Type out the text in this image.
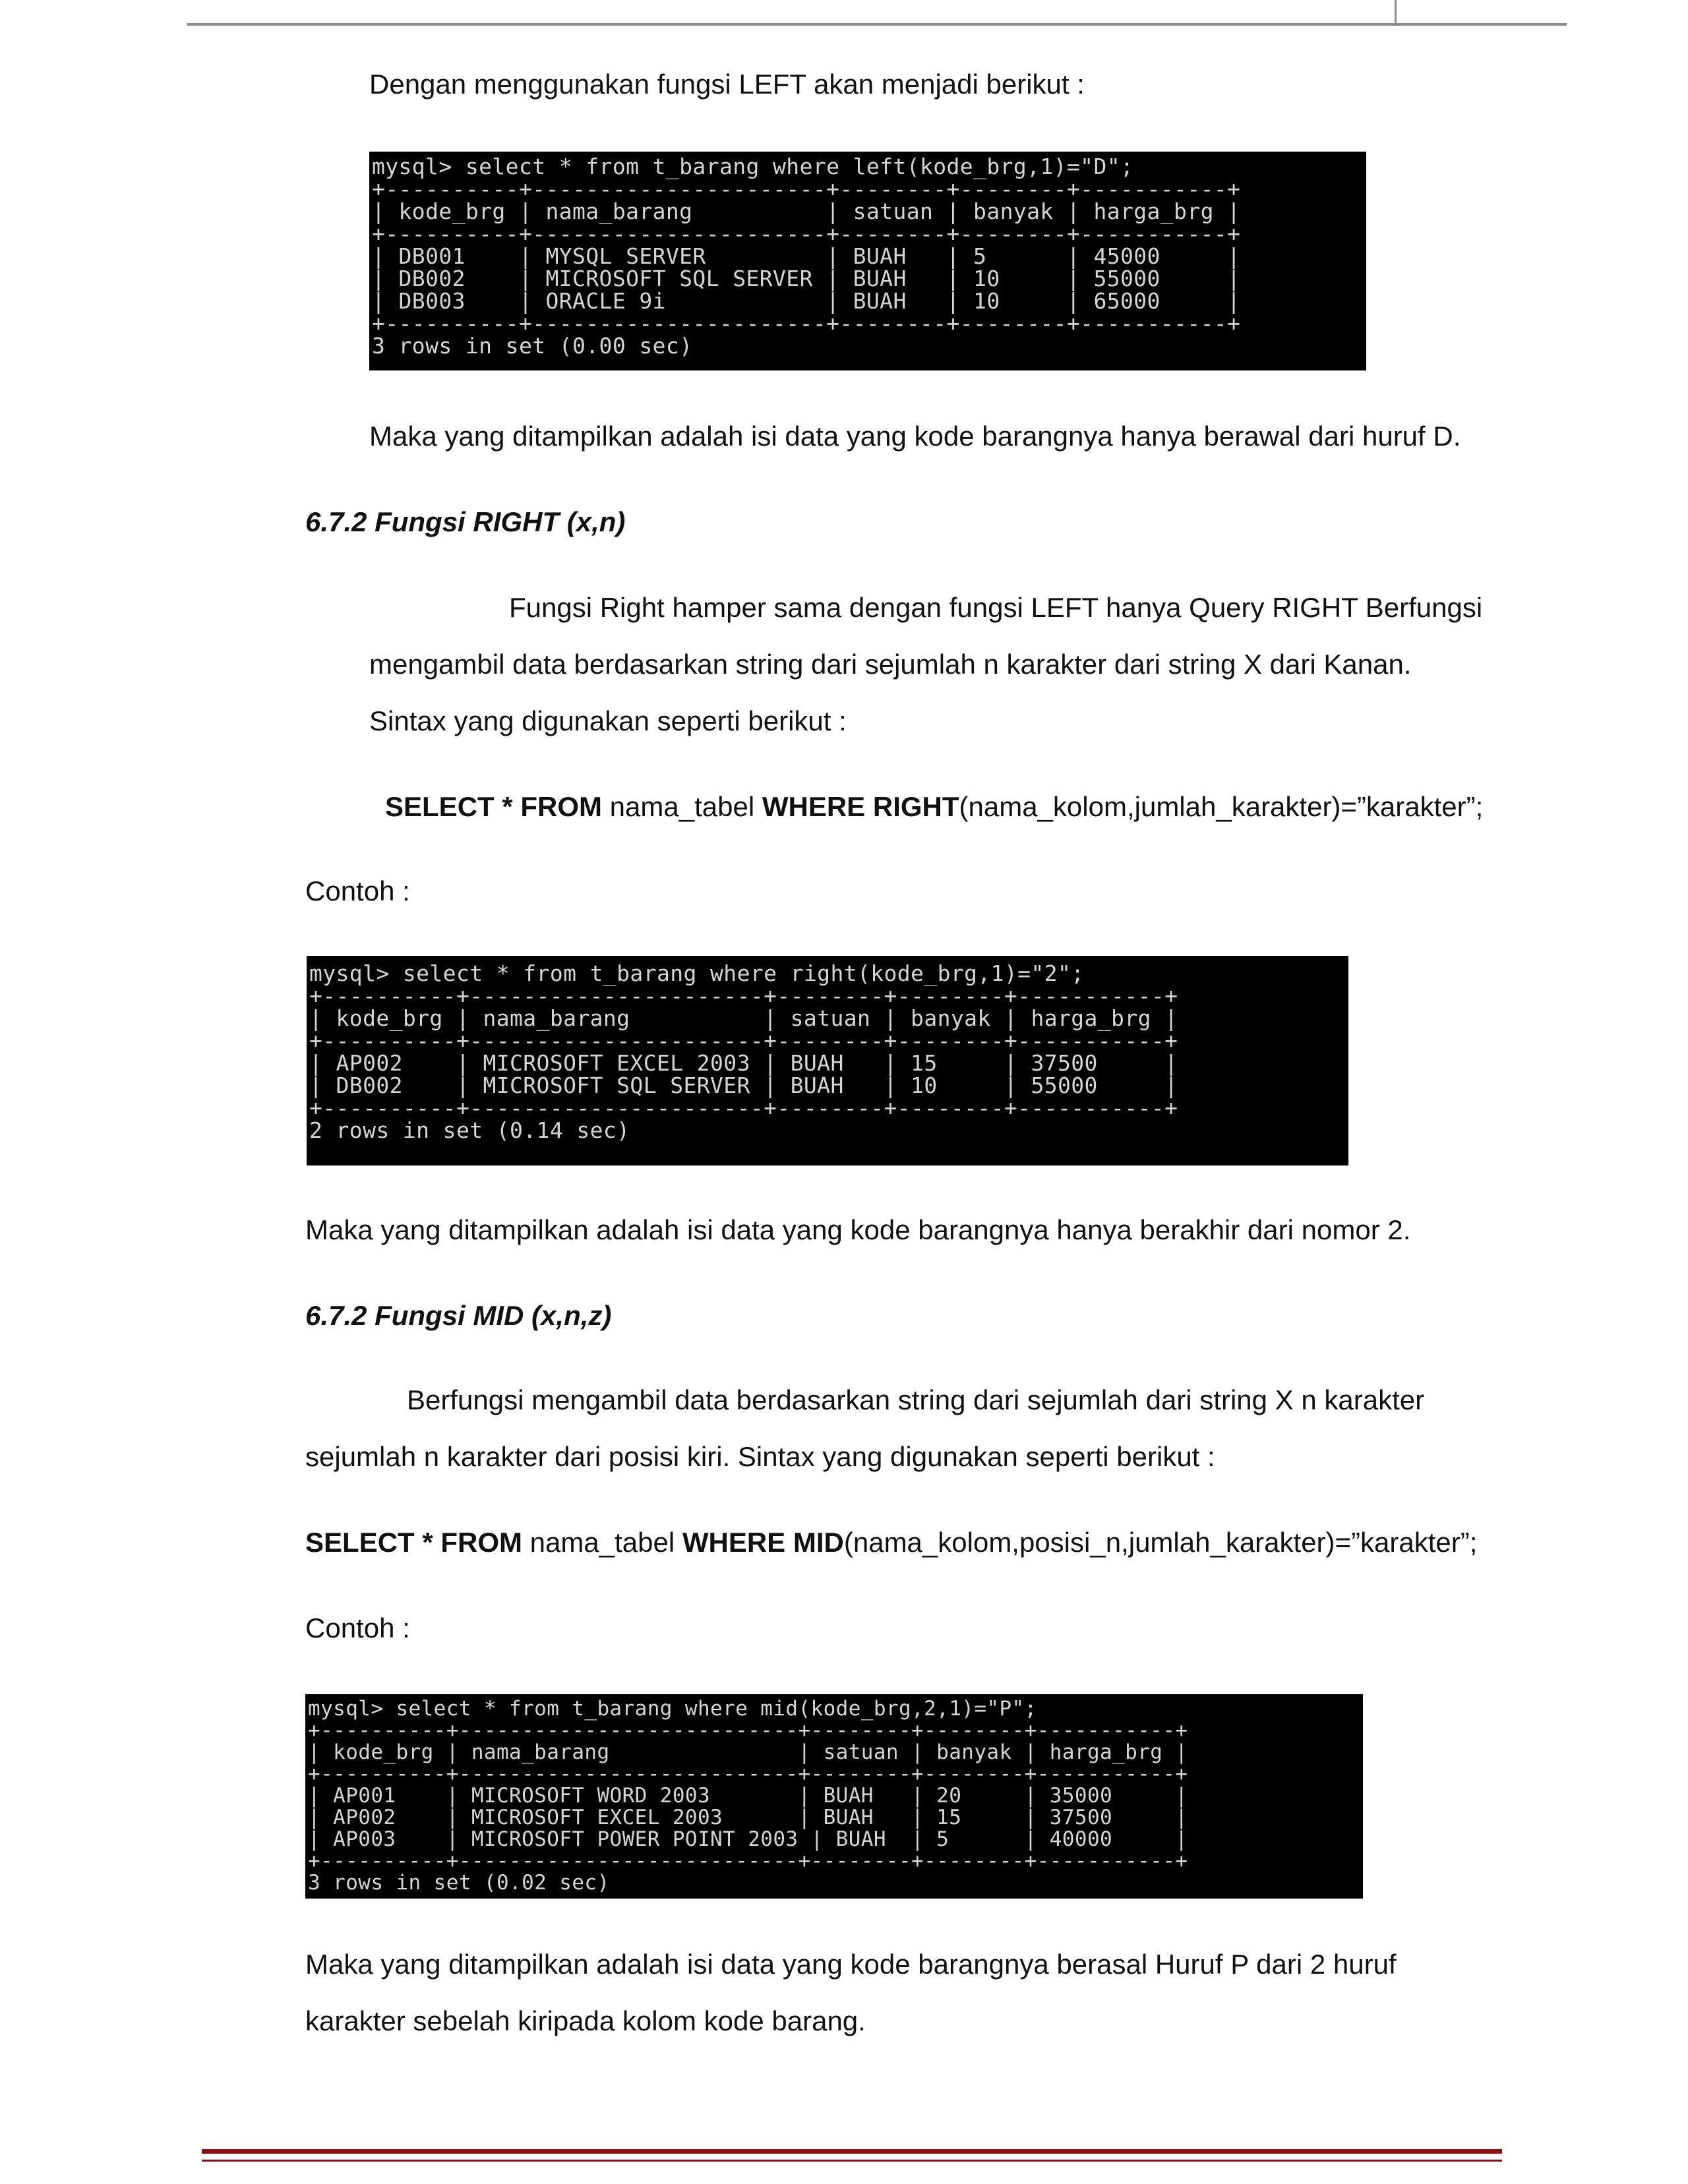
Dengan menggunakan fungsi LEFT akan menjadi berikut :
mysql> select * from t_barang where left(kode_brg,1)="D";
+----------+----------------------+--------+--------+-----------+
| kode_brg | nama_barang          | satuan | banyak | harga_brg |
+----------+----------------------+--------+--------+-----------+
| DB001    | MYSQL SERVER         | BUAH   | 5      | 45000     |
| DB002    | MICROSOFT SQL SERVER | BUAH   | 10     | 55000     |
| DB003    | ORACLE 9i            | BUAH   | 10     | 65000     |
+----------+----------------------+--------+--------+-----------+
3 rows in set (0.00 sec)
Maka yang ditampilkan adalah isi data yang kode barangnya hanya berawal dari huruf D.
6.7.2 Fungsi RIGHT (x,n)
Fungsi Right hamper sama dengan fungsi LEFT hanya Query RIGHT Berfungsi
mengambil data berdasarkan string dari sejumlah n karakter dari string X dari Kanan.
Sintax yang digunakan seperti berikut :
SELECT * FROM nama_tabel WHERE RIGHT(nama_kolom,jumlah_karakter)=”karakter”;
Contoh :
mysql> select * from t_barang where right(kode_brg,1)="2";
+----------+----------------------+--------+--------+-----------+
| kode_brg | nama_barang          | satuan | banyak | harga_brg |
+----------+----------------------+--------+--------+-----------+
| AP002    | MICROSOFT EXCEL 2003 | BUAH   | 15     | 37500     |
| DB002    | MICROSOFT SQL SERVER | BUAH   | 10     | 55000     |
+----------+----------------------+--------+--------+-----------+
2 rows in set (0.14 sec)
Maka yang ditampilkan adalah isi data yang kode barangnya hanya berakhir dari nomor 2.
6.7.2 Fungsi MID (x,n,z)
Berfungsi mengambil data berdasarkan string dari sejumlah dari string X n karakter
sejumlah n karakter dari posisi kiri. Sintax yang digunakan seperti berikut :
SELECT * FROM nama_tabel WHERE MID(nama_kolom,posisi_n,jumlah_karakter)=”karakter”;
Contoh :
mysql> select * from t_barang where mid(kode_brg,2,1)="P";
+----------+---------------------------+--------+--------+-----------+
| kode_brg | nama_barang               | satuan | banyak | harga_brg |
+----------+---------------------------+--------+--------+-----------+
| AP001    | MICROSOFT WORD 2003       | BUAH   | 20     | 35000     |
| AP002    | MICROSOFT EXCEL 2003      | BUAH   | 15     | 37500     |
| AP003    | MICROSOFT POWER POINT 2003 | BUAH  | 5      | 40000     |
+----------+---------------------------+--------+--------+-----------+
3 rows in set (0.02 sec)
Maka yang ditampilkan adalah isi data yang kode barangnya berasal Huruf P dari 2 huruf
karakter sebelah kiripada kolom kode barang.
